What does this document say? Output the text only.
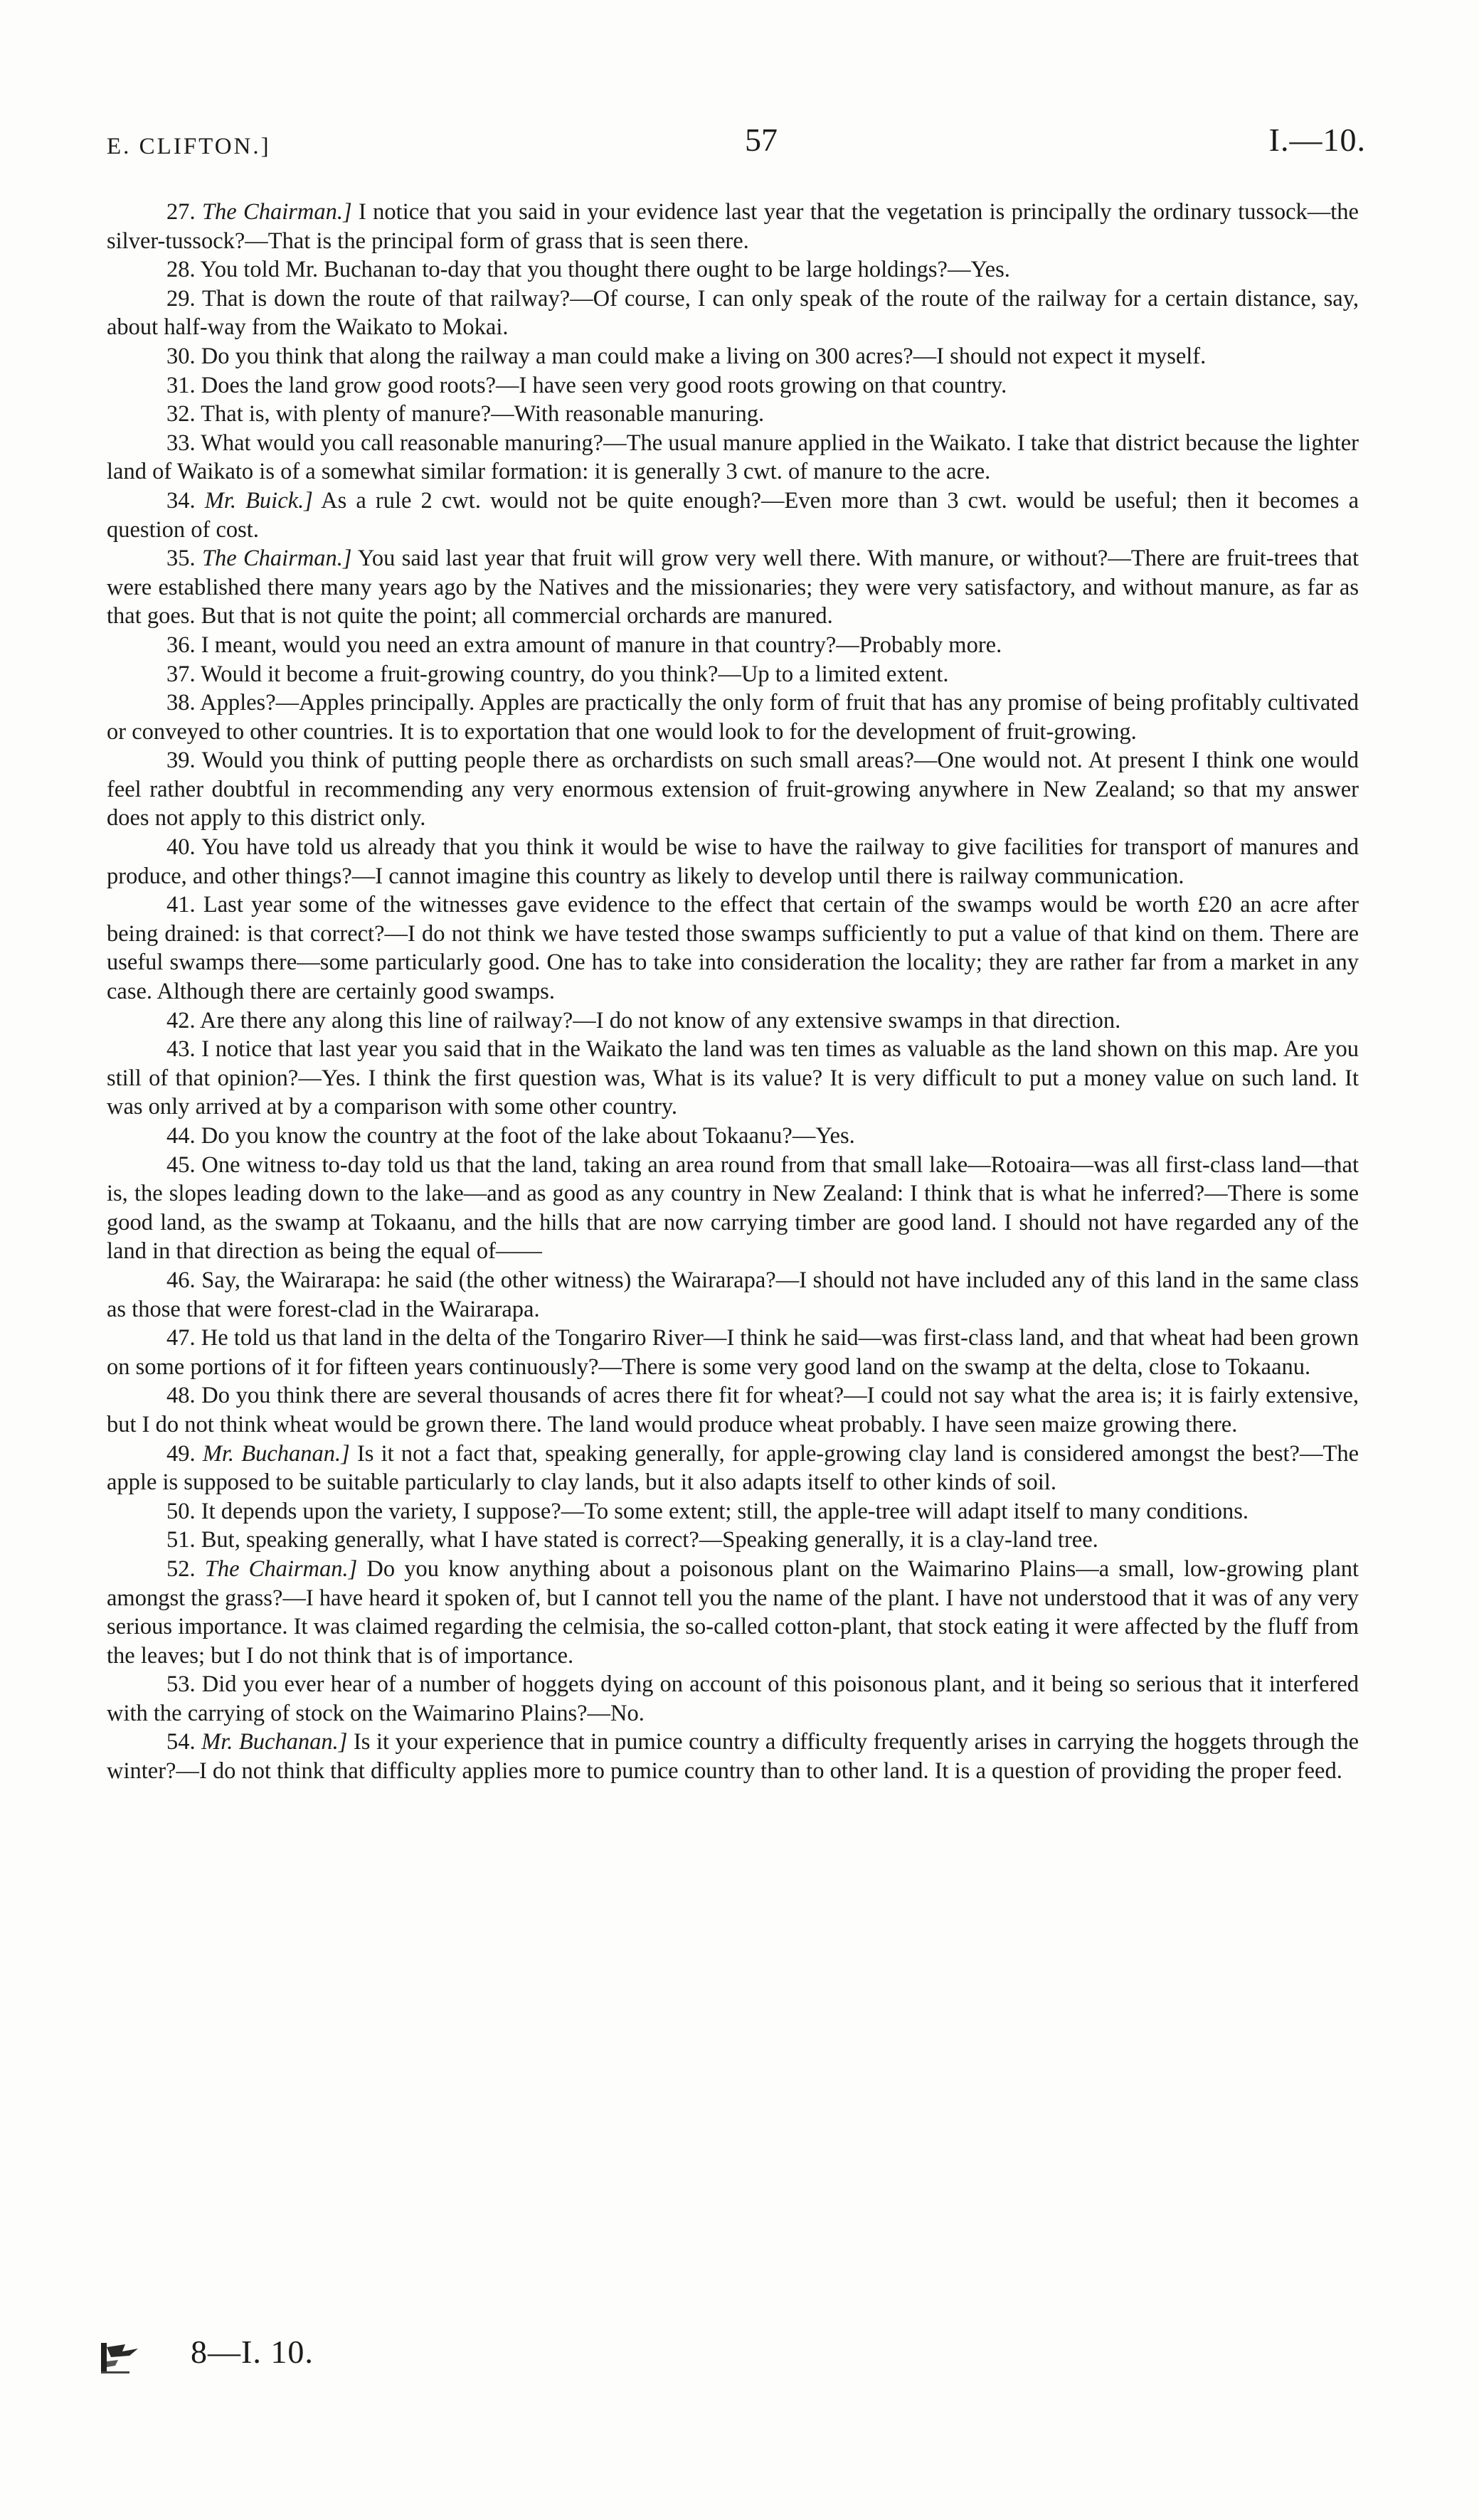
E. CLIFTON.]	57	I.—10.

27. The Chairman.] I notice that you said in your evidence last year that the vegetation is principally the ordinary tussock—the silver-tussock?—That is the principal form of grass that is seen there.

28. You told Mr. Buchanan to-day that you thought there ought to be large holdings?—Yes.

29. That is down the route of that railway?—Of course, I can only speak of the route of the railway for a certain distance, say, about half-way from the Waikato to Mokai.

30. Do you think that along the railway a man could make a living on 300 acres?—I should not expect it myself.

31. Does the land grow good roots?—I have seen very good roots growing on that country.

32. That is, with plenty of manure?—With reasonable manuring.

33. What would you call reasonable manuring?—The usual manure applied in the Waikato. I take that district because the lighter land of Waikato is of a somewhat similar formation: it is generally 3 cwt. of manure to the acre.

34. Mr. Buick.] As a rule 2 cwt. would not be quite enough?—Even more than 3 cwt. would be useful; then it becomes a question of cost.

35. The Chairman.] You said last year that fruit will grow very well there. With manure, or without?—There are fruit-trees that were established there many years ago by the Natives and the missionaries; they were very satisfactory, and without manure, as far as that goes. But that is not quite the point; all commercial orchards are manured.

36. I meant, would you need an extra amount of manure in that country?—Probably more.

37. Would it become a fruit-growing country, do you think?—Up to a limited extent.

38. Apples?—Apples principally. Apples are practically the only form of fruit that has any promise of being profitably cultivated or conveyed to other countries. It is to exportation that one would look to for the development of fruit-growing.

39. Would you think of putting people there as orchardists on such small areas?—One would not. At present I think one would feel rather doubtful in recommending any very enormous extension of fruit-growing anywhere in New Zealand; so that my answer does not apply to this district only.

40. You have told us already that you think it would be wise to have the railway to give facilities for transport of manures and produce, and other things?—I cannot imagine this country as likely to develop until there is railway communication.

41. Last year some of the witnesses gave evidence to the effect that certain of the swamps would be worth £20 an acre after being drained: is that correct?—I do not think we have tested those swamps sufficiently to put a value of that kind on them. There are useful swamps there—some particularly good. One has to take into consideration the locality; they are rather far from a market in any case. Although there are certainly good swamps.

42. Are there any along this line of railway?—I do not know of any extensive swamps in that direction.

43. I notice that last year you said that in the Waikato the land was ten times as valuable as the land shown on this map. Are you still of that opinion?—Yes. I think the first question was, What is its value? It is very difficult to put a money value on such land. It was only arrived at by a comparison with some other country.

44. Do you know the country at the foot of the lake about Tokaanu?—Yes.

45. One witness to-day told us that the land, taking an area round from that small lake—Rotoaira—was all first-class land—that is, the slopes leading down to the lake—and as good as any country in New Zealand: I think that is what he inferred?—There is some good land, as the swamp at Tokaanu, and the hills that are now carrying timber are good land. I should not have regarded any of the land in that direction as being the equal of——

46. Say, the Wairarapa: he said (the other witness) the Wairarapa?—I should not have included any of this land in the same class as those that were forest-clad in the Wairarapa.

47. He told us that land in the delta of the Tongariro River—I think he said—was first-class land, and that wheat had been grown on some portions of it for fifteen years continuously?—There is some very good land on the swamp at the delta, close to Tokaanu.

48. Do you think there are several thousands of acres there fit for wheat?—I could not say what the area is; it is fairly extensive, but I do not think wheat would be grown there. The land would produce wheat probably. I have seen maize growing there.

49. Mr. Buchanan.] Is it not a fact that, speaking generally, for apple-growing clay land is considered amongst the best?—The apple is supposed to be suitable particularly to clay lands, but it also adapts itself to other kinds of soil.

50. It depends upon the variety, I suppose?—To some extent; still, the apple-tree will adapt itself to many conditions.

51. But, speaking generally, what I have stated is correct?—Speaking generally, it is a clay-land tree.

52. The Chairman.] Do you know anything about a poisonous plant on the Waimarino Plains—a small, low-growing plant amongst the grass?—I have heard it spoken of, but I cannot tell you the name of the plant. I have not understood that it was of any very serious importance. It was claimed regarding the celmisia, the so-called cotton-plant, that stock eating it were affected by the fluff from the leaves; but I do not think that is of importance.

53. Did you ever hear of a number of hoggets dying on account of this poisonous plant, and it being so serious that it interfered with the carrying of stock on the Waimarino Plains?—No.

54. Mr. Buchanan.] Is it your experience that in pumice country a difficulty frequently arises in carrying the hoggets through the winter?—I do not think that difficulty applies more to pumice country than to other land. It is a question of providing the proper feed.

8—I. 10.
